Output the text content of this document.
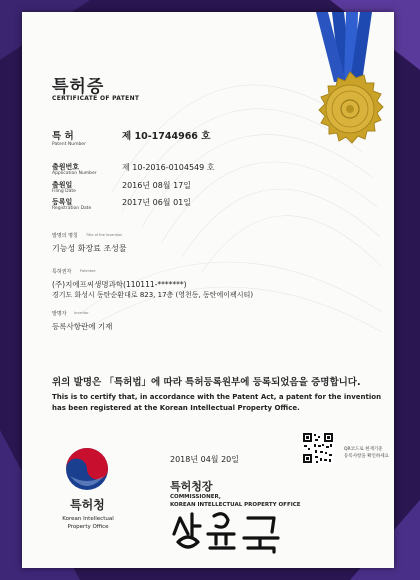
특허증
CERTIFICATE OF PATENT
특 허
Patent Number
제 10-1744966 호
출원번호
Application Number
제 10-2016-0104549 호
출원일
Filing Date
2016년 08월 17일
등록일
Registration Date
2017년 06월 01일
발명의 명칭 Title of the Invention
기능성 화장료 조성물
특허권자 Patentee
(주)지에프씨생명과학(110111-*******)
경기도 화성시 동탄순환대로 823, 17층 (영천동, 동탄에이팩시티)
발명자 Inventor
등록사항란에 기재
위의 발명은 「특허법」에 따라 특허등록원부에 등록되었음을 증명합니다.
This is to certify that, in accordance with the Patent Act, a patent for the invention has been registered at the Korean Intellectual Property Office.
2018년 04월 20일
QR코드로 현재기준
등록사항을 확인하세요
특허청장
COMMISSIONER,
KOREAN INTELLECTUAL PROPERTY OFFICE
특허청
Korean Intellectual Property Office
